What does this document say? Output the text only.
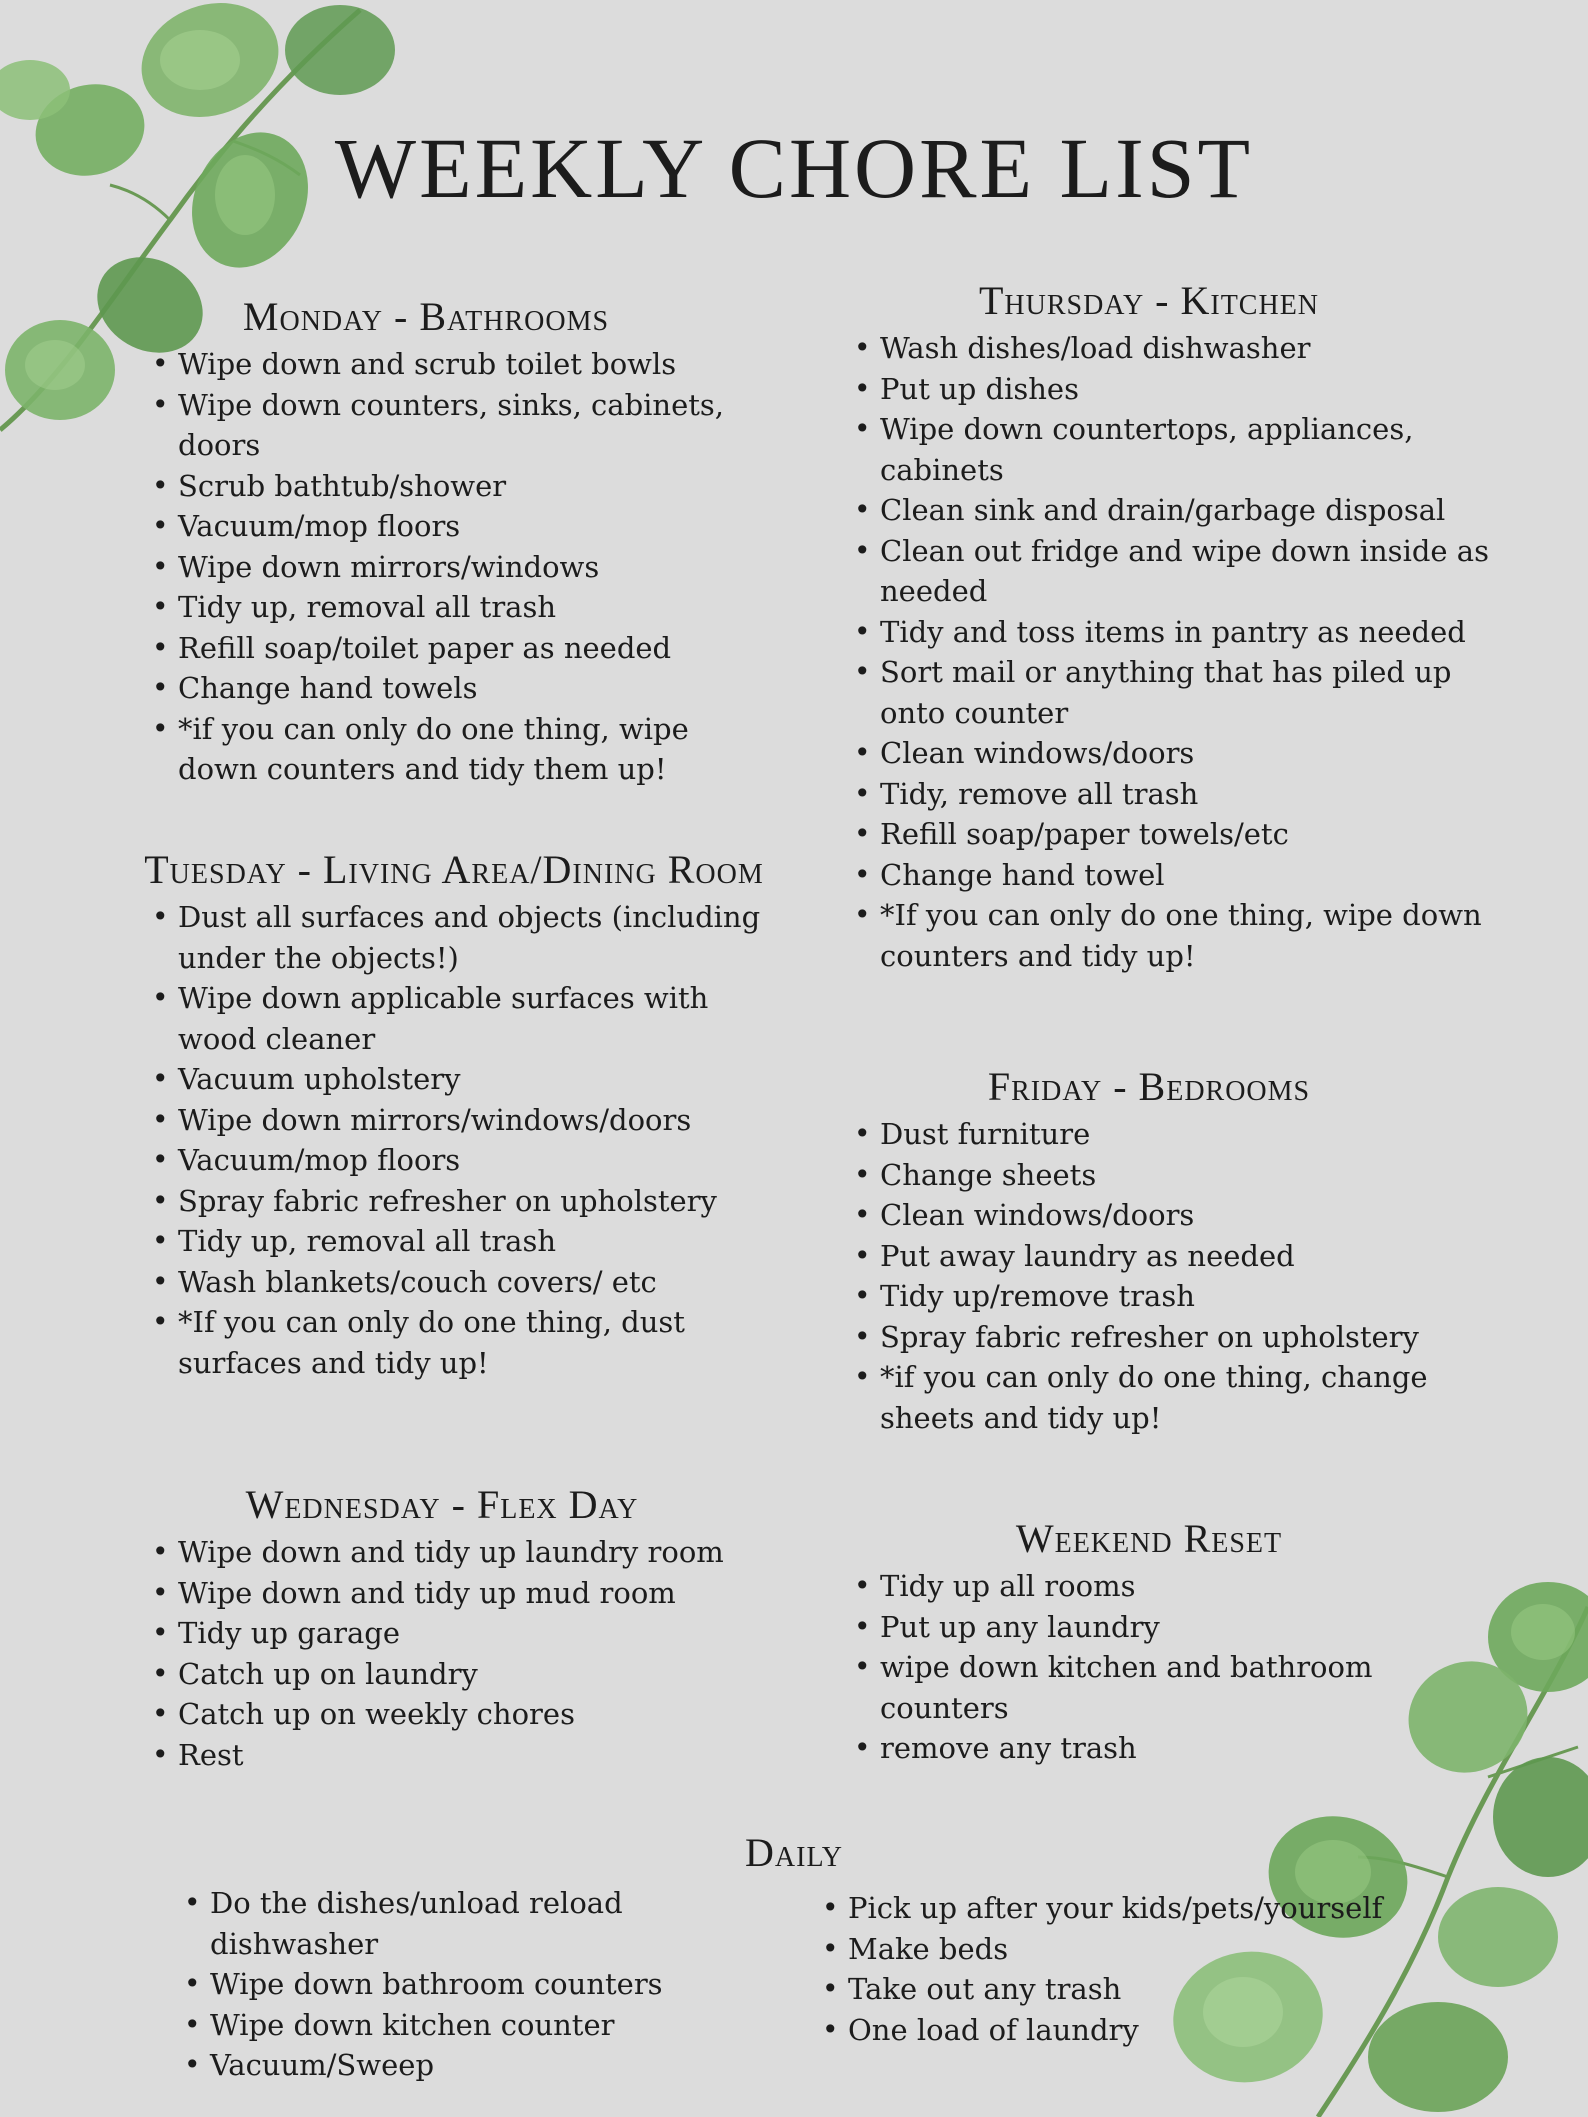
WEEKLY CHORE LIST
Monday - Bathrooms
• Wipe down and scrub toilet bowls
• Wipe down counters, sinks, cabinets, doors
• Scrub bathtub/shower
• Vacuum/mop floors
• Wipe down mirrors/windows
• Tidy up, removal all trash
• Refill soap/toilet paper as needed
• Change hand towels
• *if you can only do one thing, wipe down counters and tidy them up!
Tuesday - Living Area/Dining Room
• Dust all surfaces and objects (including under the objects!)
• Wipe down applicable surfaces with wood cleaner
• Vacuum upholstery
• Wipe down mirrors/windows/doors
• Vacuum/mop floors
• Spray fabric refresher on upholstery
• Tidy up, removal all trash
• Wash blankets/couch covers/ etc
• *If you can only do one thing, dust surfaces and tidy up!
Wednesday - Flex Day
• Wipe down and tidy up laundry room
• Wipe down and tidy up mud room
• Tidy up garage
• Catch up on laundry
• Catch up on weekly chores
• Rest
Thursday - Kitchen
• Wash dishes/load dishwasher
• Put up dishes
• Wipe down countertops, appliances, cabinets
• Clean sink and drain/garbage disposal
• Clean out fridge and wipe down inside as needed
• Tidy and toss items in pantry as needed
• Sort mail or anything that has piled up onto counter
• Clean windows/doors
• Tidy, remove all trash
• Refill soap/paper towels/etc
• Change hand towel
• *If you can only do one thing, wipe down counters and tidy up!
Friday - Bedrooms
• Dust furniture
• Change sheets
• Clean windows/doors
• Put away laundry as needed
• Tidy up/remove trash
• Spray fabric refresher on upholstery
• *if you can only do one thing, change sheets and tidy up!
Weekend Reset
• Tidy up all rooms
• Put up any laundry
• wipe down kitchen and bathroom counters
• remove any trash
Daily
• Do the dishes/unload reload dishwasher
• Wipe down bathroom counters
• Wipe down kitchen counter
• Vacuum/Sweep
• Pick up after your kids/pets/yourself
• Make beds
• Take out any trash
• One load of laundry
